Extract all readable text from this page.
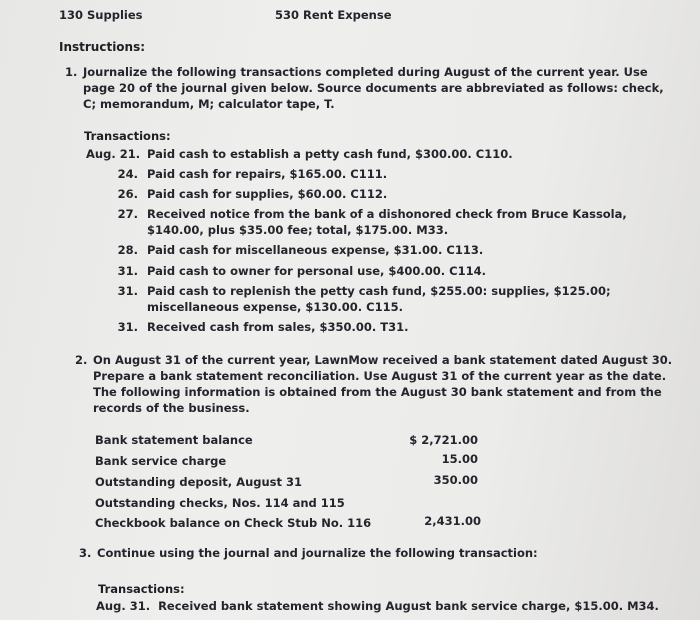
130 Supplies	530 Rent Expense
Instructions:
1. Journalize the following transactions completed during August of the current year. Use
page 20 of the journal given below. Source documents are abbreviated as follows: check,
C; memorandum, M; calculator tape, T.
Transactions:
Aug. 21. Paid cash to establish a petty cash fund, $300.00. C110.
24. Paid cash for repairs, $165.00. C111.
26. Paid cash for supplies, $60.00. C112.
27. Received notice from the bank of a dishonored check from Bruce Kassola,
$140.00, plus $35.00 fee; total, $175.00. M33.
28. Paid cash for miscellaneous expense, $31.00. C113.
31. Paid cash to owner for personal use, $400.00. C114.
31. Paid cash to replenish the petty cash fund, $255.00: supplies, $125.00;
miscellaneous expense, $130.00. C115.
31. Received cash from sales, $350.00. T31.
2. On August 31 of the current year, LawnMow received a bank statement dated August 30.
Prepare a bank statement reconciliation. Use August 31 of the current year as the date.
The following information is obtained from the August 30 bank statement and from the
records of the business.
Bank statement balance	$ 2,721.00
Bank service charge	15.00
Outstanding deposit, August 31	350.00
Outstanding checks, Nos. 114 and 115
Checkbook balance on Check Stub No. 116	2,431.00
3. Continue using the journal and journalize the following transaction:
Transactions:
Aug. 31. Received bank statement showing August bank service charge, $15.00. M34.
